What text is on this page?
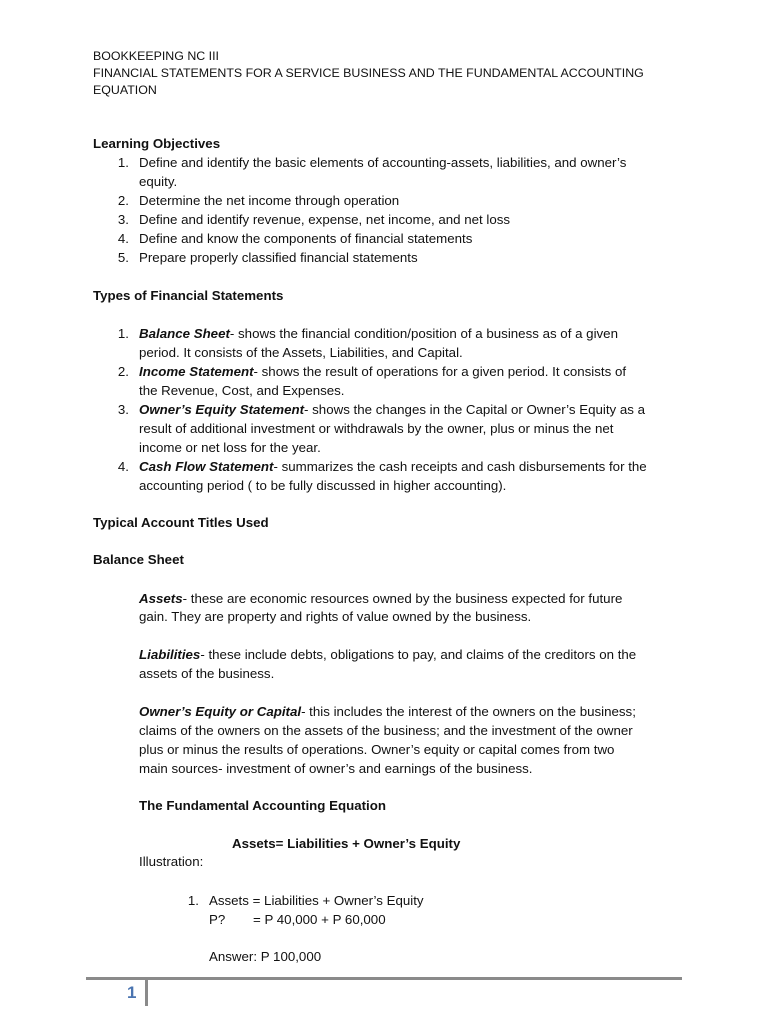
BOOKKEEPING NC III
FINANCIAL STATEMENTS FOR A SERVICE BUSINESS AND THE FUNDAMENTAL ACCOUNTING
EQUATION
Learning Objectives
1. Define and identify the basic elements of accounting-assets, liabilities, and owner’s
equity.
2. Determine the net income through operation
3. Define and identify revenue, expense, net income, and net loss
4. Define and know the components of financial statements
5. Prepare properly classified financial statements
Types of Financial Statements
1. Balance Sheet- shows the financial condition/position of a business as of a given
period. It consists of the Assets, Liabilities, and Capital.
2. Income Statement- shows the result of operations for a given period. It consists of
the Revenue, Cost, and Expenses.
3. Owner’s Equity Statement- shows the changes in the Capital or Owner’s Equity as a
result of additional investment or withdrawals by the owner, plus or minus the net
income or net loss for the year.
4. Cash Flow Statement- summarizes the cash receipts and cash disbursements for the
accounting period ( to be fully discussed in higher accounting).
Typical Account Titles Used
Balance Sheet
Assets- these are economic resources owned by the business expected for future
gain. They are property and rights of value owned by the business.
Liabilities- these include debts, obligations to pay, and claims of the creditors on the
assets of the business.
Owner’s Equity or Capital- this includes the interest of the owners on the business;
claims of the owners on the assets of the business; and the investment of the owner
plus or minus the results of operations. Owner’s equity or capital comes from two
main sources- investment of owner’s and earnings of the business.
The Fundamental Accounting Equation
Assets= Liabilities + Owner’s Equity
Illustration:
1. Assets = Liabilities + Owner’s Equity
P? = P 40,000 + P 60,000
Answer: P 100,000
1
